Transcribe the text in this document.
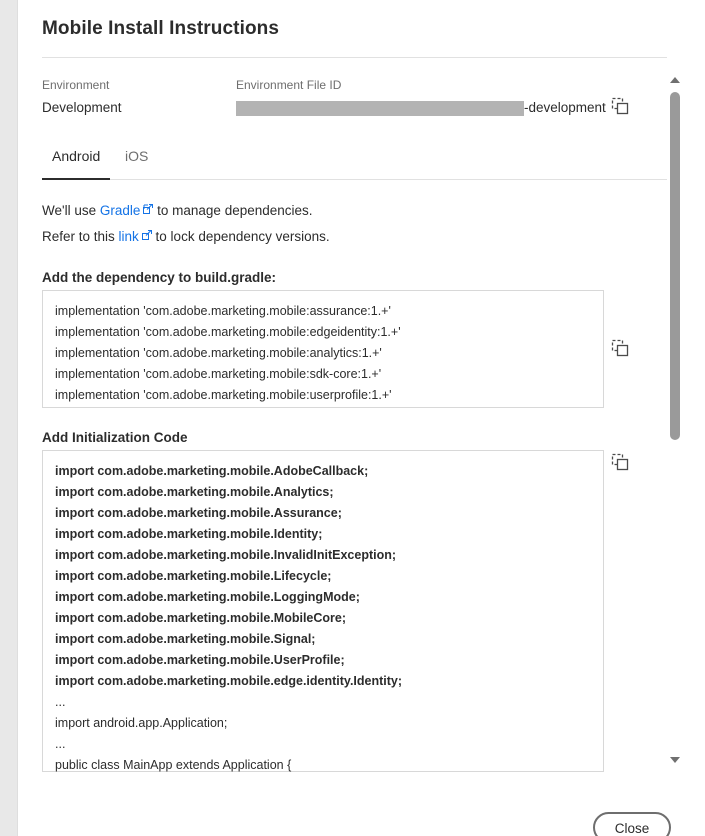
Mobile Install Instructions
Environment	Environment File ID
Development	-development
Android	iOS
We'll use Gradle
to manage dependencies.
Refer to this link
to lock dependency versions.
Add the dependency to build.gradle:
implementation 'com.adobe.marketing.mobile:assurance:1.+'
implementation 'com.adobe.marketing.mobile:edgeidentity:1.+'
implementation 'com.adobe.marketing.mobile:analytics:1.+'
implementation 'com.adobe.marketing.mobile:sdk-core:1.+'
implementation 'com.adobe.marketing.mobile:userprofile:1.+'
Add Initialization Code
import com.adobe.marketing.mobile.AdobeCallback;
import com.adobe.marketing.mobile.Analytics;
import com.adobe.marketing.mobile.Assurance;
import com.adobe.marketing.mobile.Identity;
import com.adobe.marketing.mobile.InvalidInitException;
import com.adobe.marketing.mobile.Lifecycle;
import com.adobe.marketing.mobile.LoggingMode;
import com.adobe.marketing.mobile.MobileCore;
import com.adobe.marketing.mobile.Signal;
import com.adobe.marketing.mobile.UserProfile;
import com.adobe.marketing.mobile.edge.identity.Identity;
...
import android.app.Application;
...
public class MainApp extends Application {
Close
